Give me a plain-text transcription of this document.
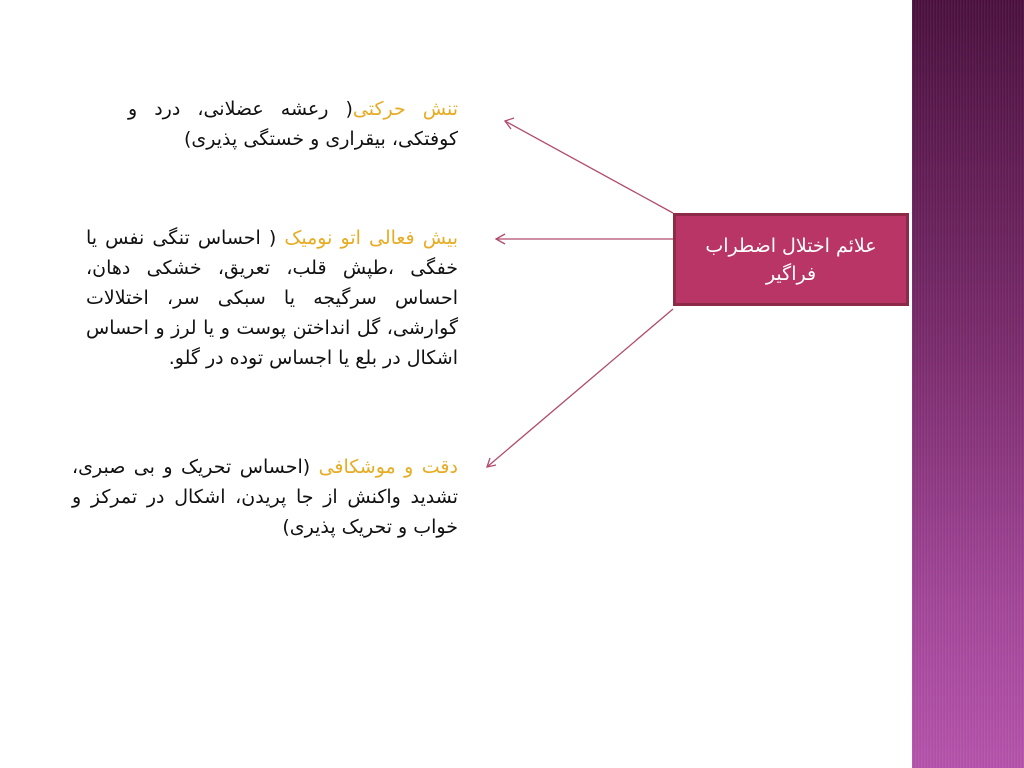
علائم اختلال اضطراب فراگیر
تنش حرکتی( رعشه عضلانی، درد و کوفتکی، بیقراری و خستگی پذیری)
بیش فعالی اتو نومیک ( احساس تنگی نفس یا خفگی ،طپش قلب، تعریق، خشکی دهان، احساس سرگیجه یا سبکی سر، اختلالات گوارشی، گل انداختن پوست و یا لرز و احساس اشکال در بلع یا اجساس توده در گلو.
دقت و موشکافی (احساس تحریک و بی صبری، تشدید واکنش از جا پریدن، اشکال در تمرکز و خواب و تحریک پذیری)
